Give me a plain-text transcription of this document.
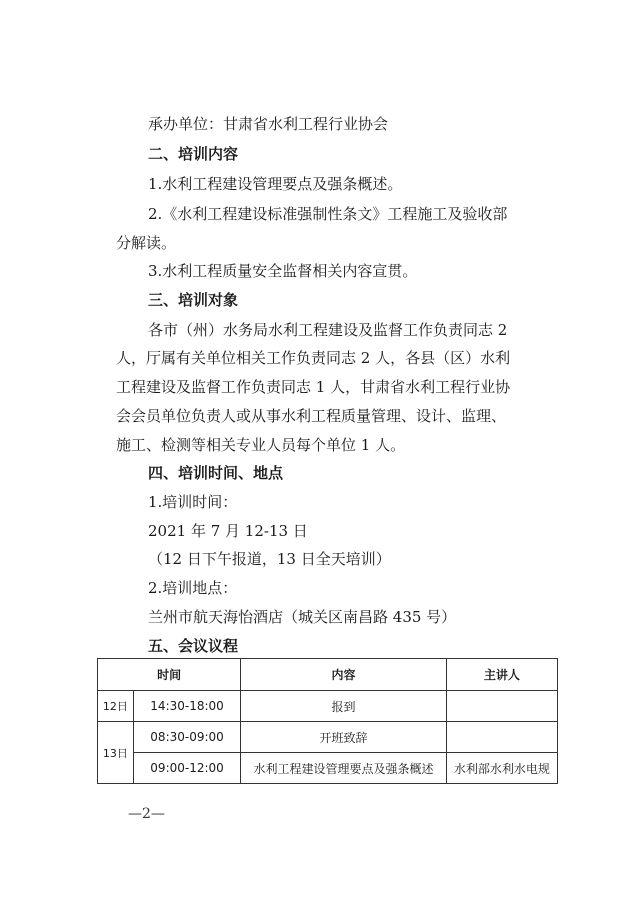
承办单位：甘肃省水利工程行业协会
二、培训内容
1.水利工程建设管理要点及强条概述。
2.《水利工程建设标准强制性条文》工程施工及验收部
分解读。
3.水利工程质量安全监督相关内容宣贯。
三、培训对象
各市（州）水务局水利工程建设及监督工作负责同志 2
人，厅属有关单位相关工作负责同志 2 人，各县（区）水利
工程建设及监督工作负责同志 1 人，甘肃省水利工程行业协
会会员单位负责人或从事水利工程质量管理、设计、监理、
施工、检测等相关专业人员每个单位 1 人。
四、培训时间、地点
1.培训时间：
2021 年 7 月 12-13 日
（12 日下午报道，13 日全天培训）
2.培训地点：
兰州市航天海怡酒店（城关区南昌路 435 号）
五、会议议程
时间		内容	主讲人
12日	14:30-18:00	报到	
13日	08:30-09:00	开班致辞	
	09:00-12:00	水利工程建设管理要点及强条概述	水利部水利水电规
—2—
